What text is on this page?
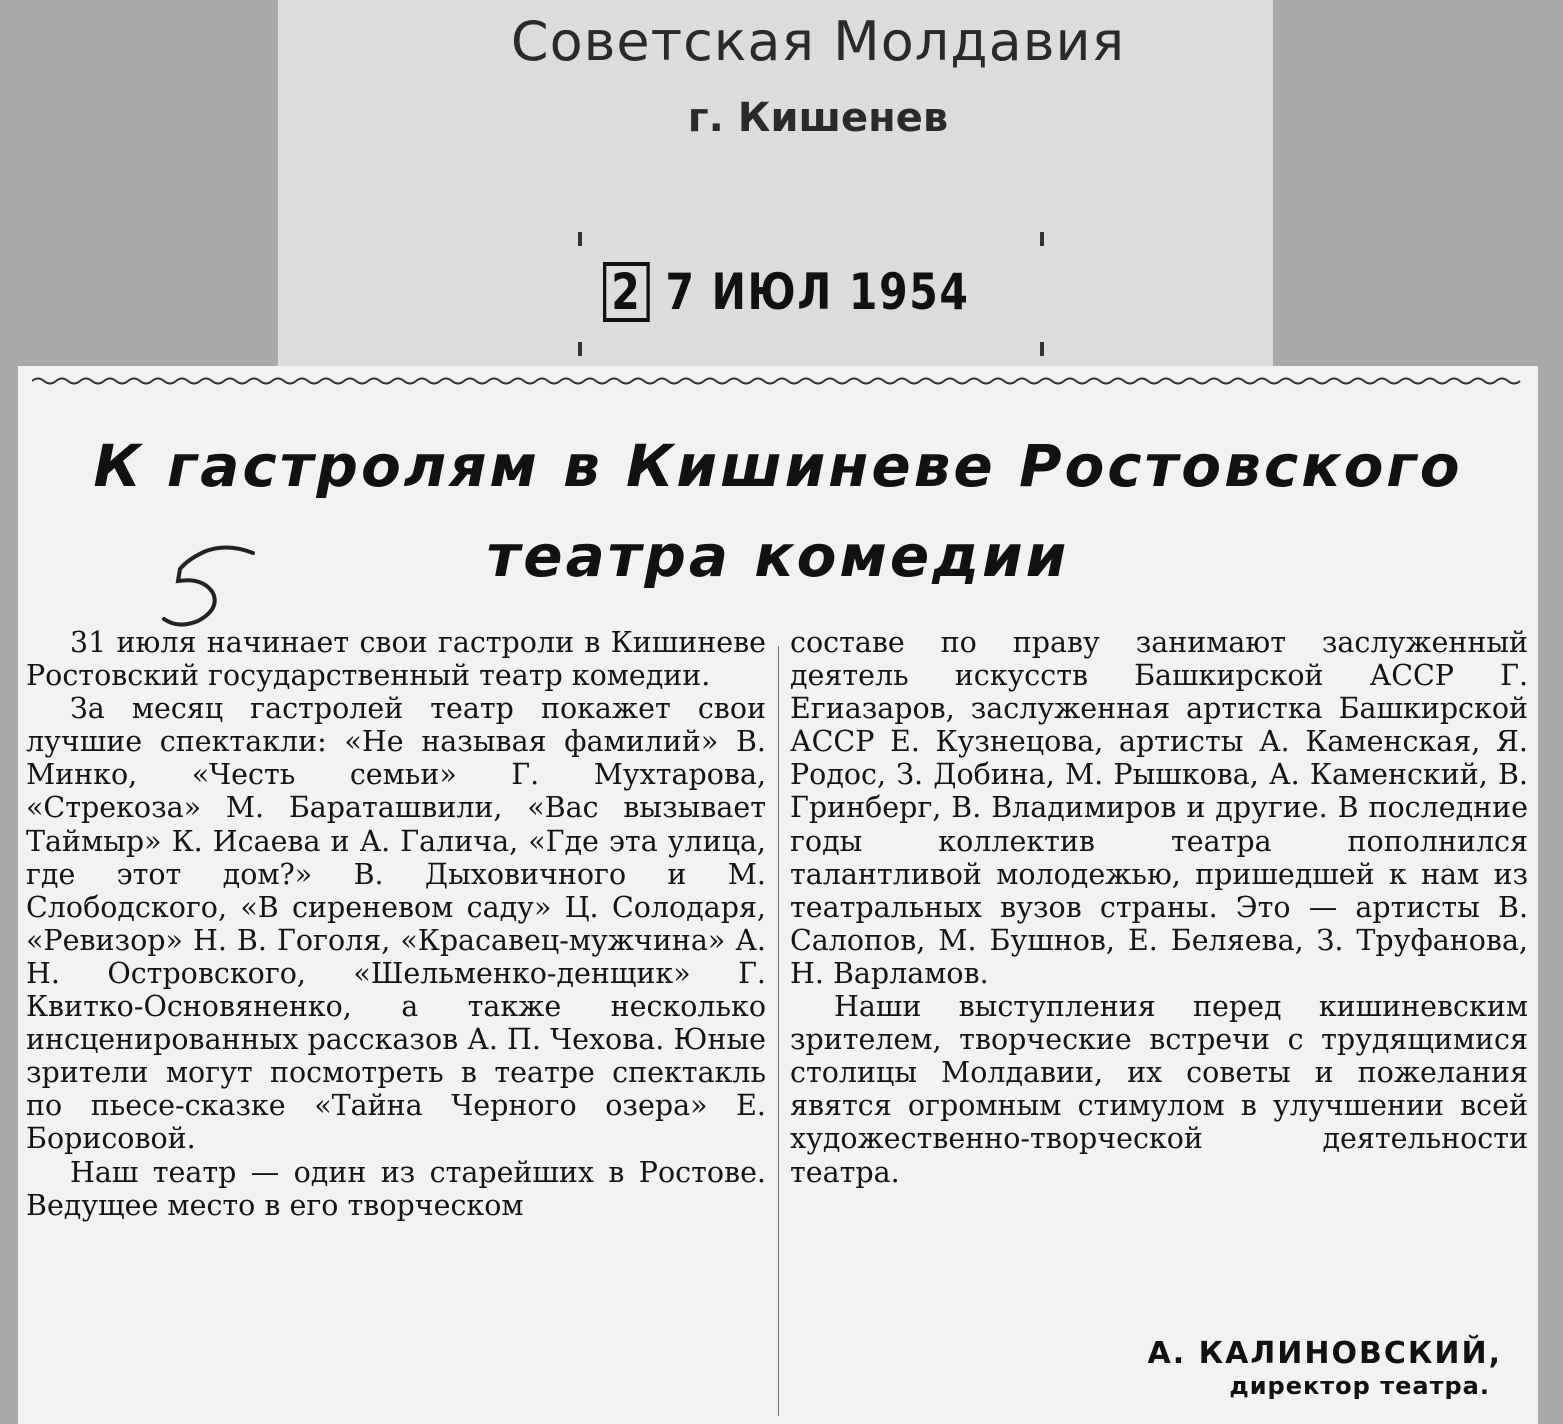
Советская Молдавия
г. Кишенев
2 7 ИЮЛ 1954
К гастролям в Кишиневе Ростовского
театра комедии

31 июля начинает свои гастроли в Кишиневе Ростовский государственный театр комедии.

За месяц гастролей театр покажет свои лучшие спектакли: «Не называя фамилий» В. Минко, «Честь семьи» Г. Мухтарова, «Стрекоза» М. Бараташвили, «Вас вызывает Таймыр» К. Исаева и А. Галича, «Где эта улица, где этот дом?» В. Дыховичного и М. Слободского, «В сиреневом саду» Ц. Солодаря, «Ревизор» Н. В. Гоголя, «Красавец-мужчина» А. Н. Островского, «Шельменко-денщик» Г. Квитко-Основяненко, а также несколько инсценированных рассказов А. П. Чехова. Юные зрители могут посмотреть в театре спектакль по пьесе-сказке «Тайна Черного озера» Е. Борисовой.

Наш театр — один из старейших в Ростове. Ведущее место в его творческом

составе по праву занимают заслуженный деятель искусств Башкирской АССР Г. Егиазаров, заслуженная артистка Башкирской АССР Е. Кузнецова, артисты А. Каменская, Я. Родос, З. Добина, М. Рышкова, А. Каменский, В. Гринберг, В. Владимиров и другие. В последние годы коллектив театра пополнился талантливой молодежью, пришедшей к нам из театральных вузов страны. Это — артисты В. Салопов, М. Бушнов, Е. Беляева, З. Труфанова, Н. Варламов.

Наши выступления перед кишиневским зрителем, творческие встречи с трудящимися столицы Молдавии, их советы и пожелания явятся огромным стимулом в улучшении всей художественно-творческой деятельности театра.

А. КАЛИНОВСКИЙ,
директор театра.
